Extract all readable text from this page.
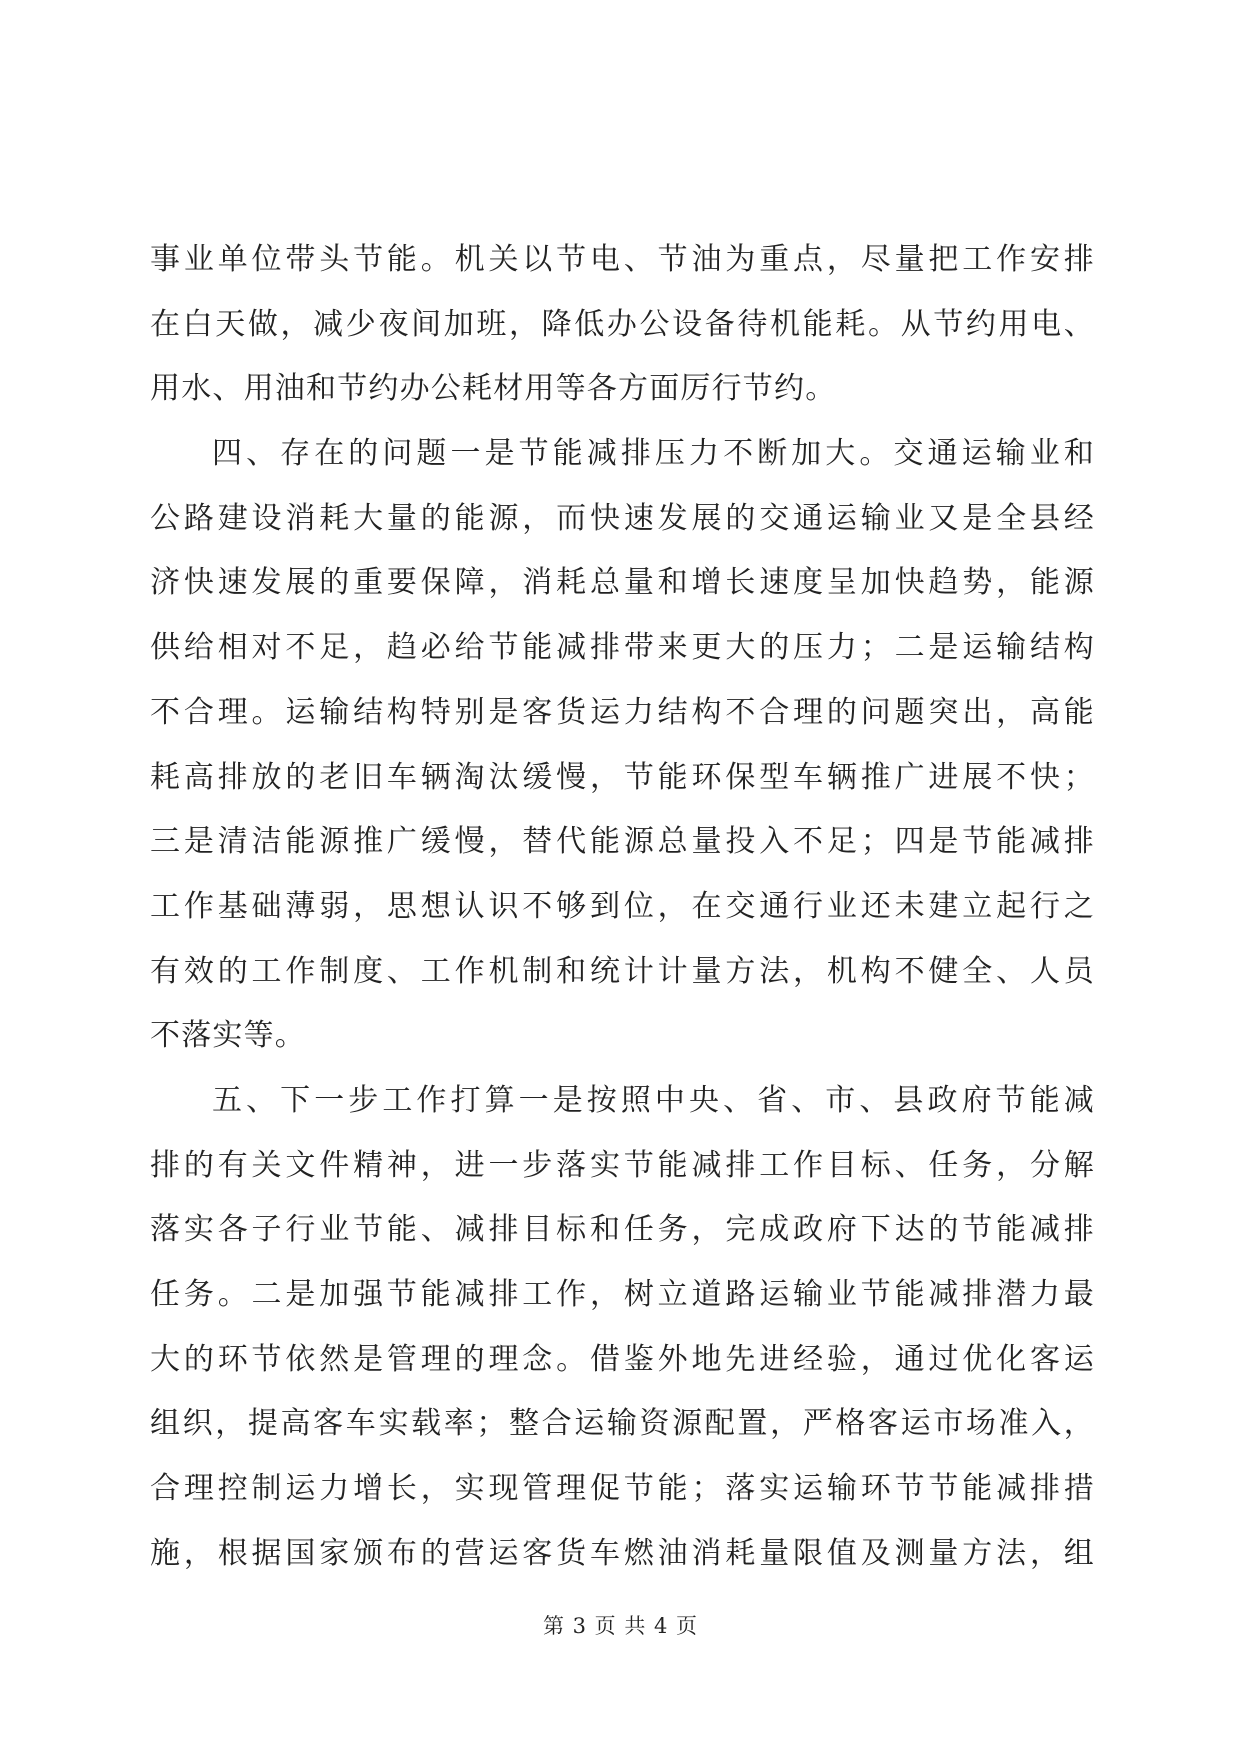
事业单位带头节能。机关以节电、节油为重点，尽量把工作安排
在白天做，减少夜间加班，降低办公设备待机能耗。从节约用电、
用水、用油和节约办公耗材用等各方面厉行节约。
四、存在的问题一是节能减排压力不断加大。交通运输业和
公路建设消耗大量的能源，而快速发展的交通运输业又是全县经
济快速发展的重要保障，消耗总量和增长速度呈加快趋势，能源
供给相对不足，趋必给节能减排带来更大的压力；二是运输结构
不合理。运输结构特别是客货运力结构不合理的问题突出，高能
耗高排放的老旧车辆淘汰缓慢，节能环保型车辆推广进展不快；
三是清洁能源推广缓慢，替代能源总量投入不足；四是节能减排
工作基础薄弱，思想认识不够到位，在交通行业还未建立起行之
有效的工作制度、工作机制和统计计量方法，机构不健全、人员
不落实等。
五、下一步工作打算一是按照中央、省、市、县政府节能减
排的有关文件精神，进一步落实节能减排工作目标、任务，分解
落实各子行业节能、减排目标和任务，完成政府下达的节能减排
任务。二是加强节能减排工作，树立道路运输业节能减排潜力最
大的环节依然是管理的理念。借鉴外地先进经验，通过优化客运
组织，提高客车实载率；整合运输资源配置，严格客运市场准入，
合理控制运力增长，实现管理促节能；落实运输环节节能减排措
施，根据国家颁布的营运客货车燃油消耗量限值及测量方法，组
第 3 页 共 4 页
